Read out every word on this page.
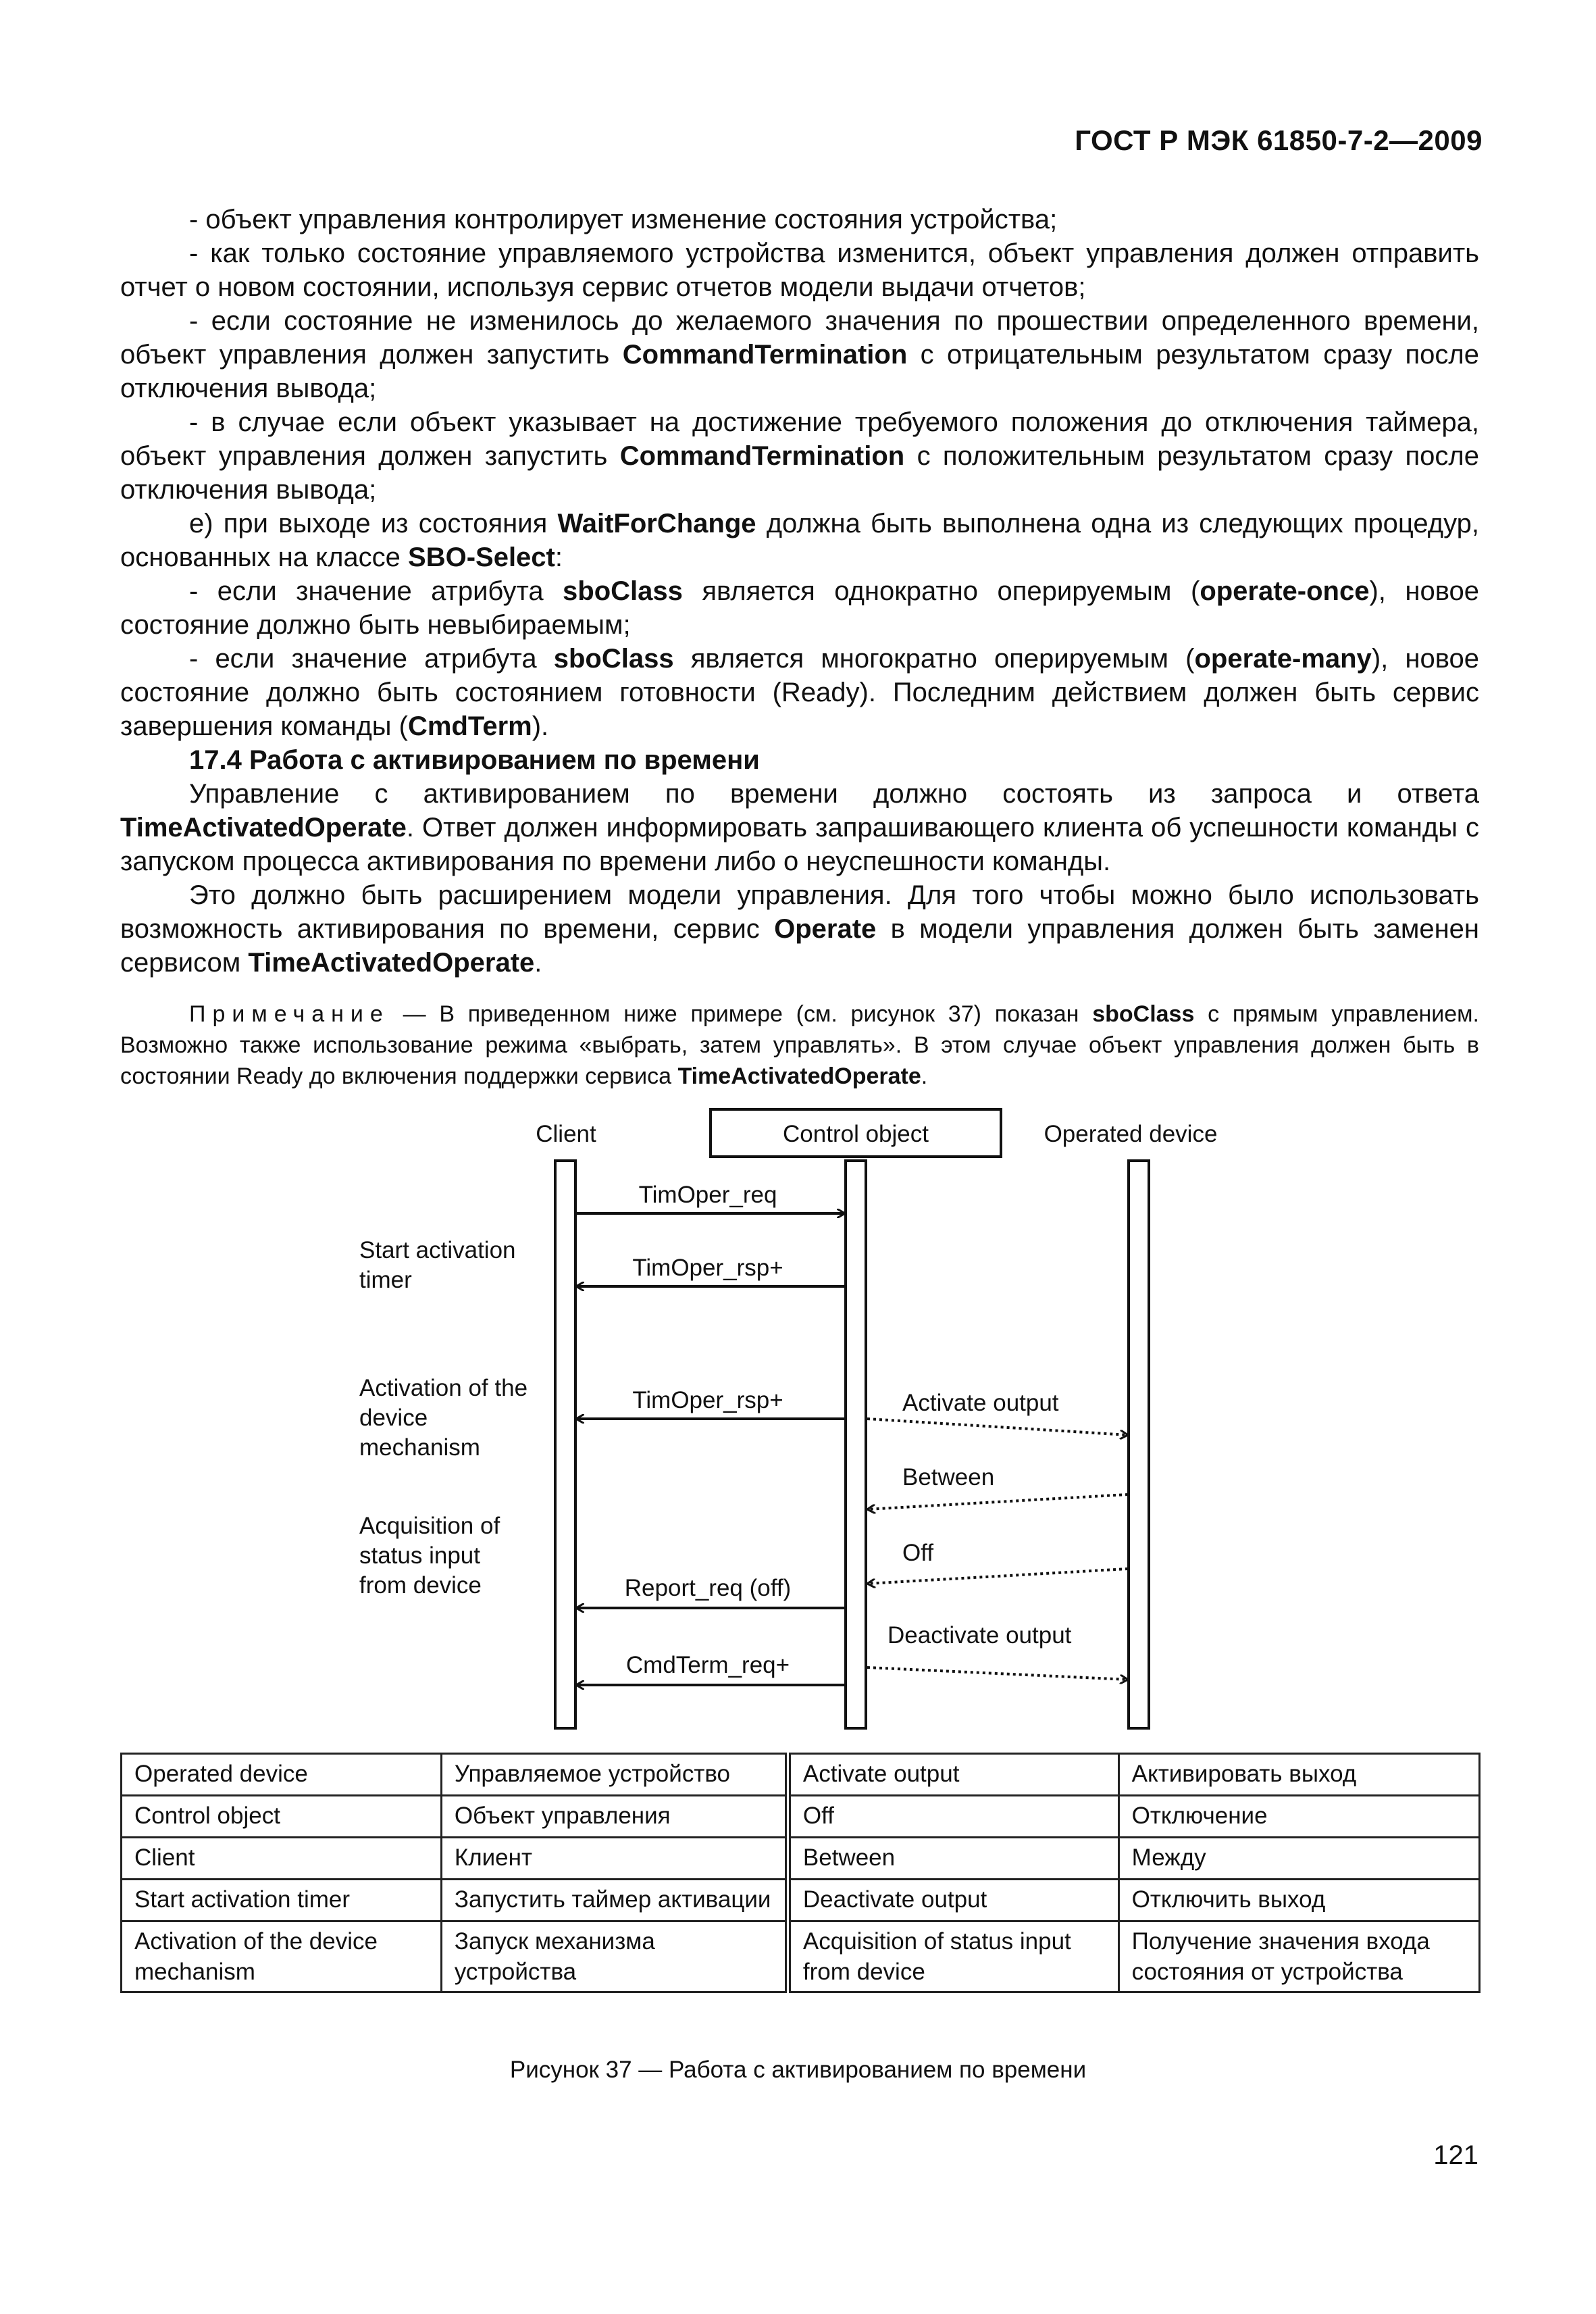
ГОСТ Р МЭК 61850-7-2—2009

- объект управления контролирует изменение состояния устройства;

- как только состояние управляемого устройства изменится, объект управления должен отправить отчет о новом состоянии, используя сервис отчетов модели выдачи отчетов;

- если состояние не изменилось до желаемого значения по прошествии определенного времени, объект управления должен запустить CommandTermination с отрицательным результатом сразу после отключения вывода;

- в случае если объект указывает на достижение требуемого положения до отключения таймера, объект управления должен запустить CommandTermination с положительным результатом сразу после отключения вывода;

е) при выходе из состояния WaitForChange должна быть выполнена одна из следующих процедур, основанных на классе SBO-Select:

- если значение атрибута sboClass является однократно оперируемым (operate-once), новое состояние должно быть невыбираемым;

- если значение атрибута sboClass является многократно оперируемым (operate-many), новое состояние должно быть состоянием готовности (Ready). Последним действием должен быть сервис завершения команды (CmdTerm).

17.4 Работа с активированием по времени

Управление с активированием по времени должно состоять из запроса и ответа TimeActivatedOperate. Ответ должен информировать запрашивающего клиента об успешности команды с запуском процесса активирования по времени либо о неуспешности команды.

Это должно быть расширением модели управления. Для того чтобы можно было использовать возможность активирования по времени, сервис Operate в модели управления должен быть заменен сервисом TimeActivatedOperate.

Примечание — В приведенном ниже примере (см. рисунок 37) показан sboClass с прямым управлением. Возможно также использование режима «выбрать, затем управлять». В этом случае объект управления должен быть в состоянии Ready до включения поддержки сервиса TimeActivatedOperate.

Client	Control object	Operated device
Start activation
timer
Activation of the
device
mechanism
Acquisition of
status input
from device
TimOper_req
TimOper_rsp+
TimOper_rsp+	Activate output
Between
Off
Report_req (off)
Deactivate output
CmdTerm_req+
Operated device	Управляемое устройство	Activate output	Активировать выход
Control object	Объект управления	Off	Отключение
Client	Клиент	Between	Между
Start activation timer	Запустить таймер активации	Deactivate output	Отключить выход
Activation of the device mechanism	Запуск механизма устройства	Acquisition of status input from device	Получение значения входа состояния от устройства
Рисунок 37 — Работа с активированием по времени
121
